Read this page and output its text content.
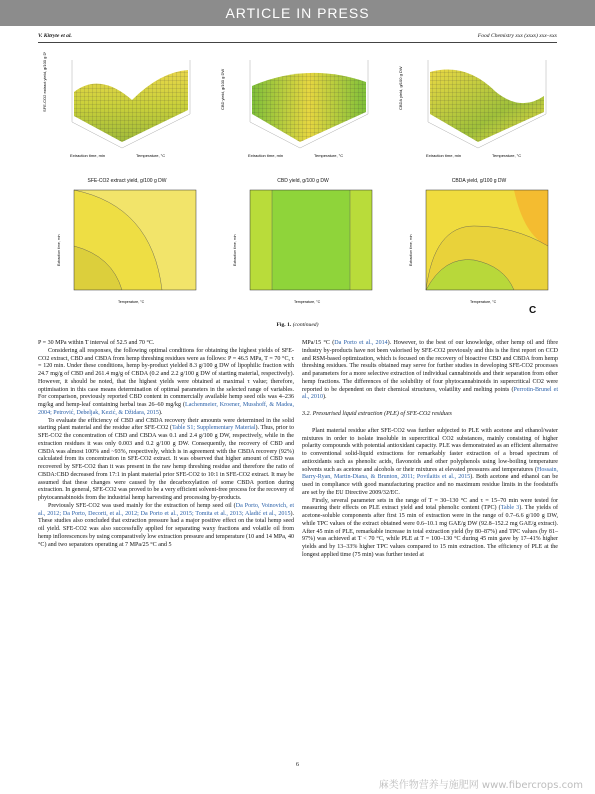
ARTICLE IN PRESS
V. Kitryte et al.	Food Chemistry xxx (xxxx) xxx–xxx
SFE-CO2 extract yield, g/100 g DW
Extraction time, min	Temperature, °C
CBD yield, g/100 g DW
Extraction time, min	Temperature, °C
CBDA yield, g/100 g DW
Extraction time, min	Temperature, °C
SFE-CO2 extract yield, g/100 g DW
Extraction time, min
Temperature, °C
CBD yield, g/100 g DW
Extraction time, min
Temperature, °C
CBDA yield, g/100 g DW
Extraction time, min
Temperature, °C
C
Fig. 1. (continued)

P = 30 MPa within T interval of 52.5 and 70 °C.

Considering all responses, the following optimal conditions for obtaining the highest yields of SFE-CO2 extract, CBD and CBDA from hemp threshing residues were as follows: P = 46.5 MPa, T = 70 °C, τ = 120 min. Under these conditions, hemp by-product yielded 8.3 g/100 g DW of lipophilic fraction with 24.7 mg/g of CBD and 261.4 mg/g of CBDA (0.2 and 2.2 g/100 g DW of starting material, respectively). However, it should be noted, that the highest yields were obtained at maximal τ value; therefore, optimisation in this case means determination of optimal parameters in the selected range of variables. For comparison, previously reported CBD content in commercially available hemp seed oils was 4–236 mg/kg and hemp-leaf containing herbal teas 26–60 mg/kg (Lachenmeier, Kroener, Musshoff, & Madea, 2004; Petrović, Debeljak, Kezić, & Džidara, 2015).

To evaluate the efficiency of CBD and CBDA recovery their amounts were determined in the solid starting plant material and the residue after SFE-CO2 (Table S1; Supplementary Material). Thus, prior to SFE-CO2 the concentration of CBD and CBDA was 0.1 and 2.4 g/100 g DW, respectively, while in the extraction residues it was only 0.003 and 0.2 g/100 g DW. Consequently, the recovery of CBD and CBDA was almost 100% and ~93%, respectively, which is in agreement with the CBDA recovery (92%) calculated from its concentration in SFE-CO2 extract. It was observed that higher amount of CBD was recovered by SFE-CO2 than it was present in the raw hemp threshing residue and therefore the ratio of CBDA:CBD decreased from 17:1 in plant material prior SFE-CO2 to 10:1 in SFE-CO2 extract. It may be assumed that these changes were caused by the decarboxylation of some CBDA portion during extraction. In general, SFE-CO2 was proved to be a very efficient solvent-free process for the recovery of phytocannabinoids from the industrial hemp harvesting and processing by-products.

Previously SFE-CO2 was used mainly for the extraction of hemp seed oil (Da Porto, Voinovich, et al., 2012; Da Porto, Decorti, et al., 2012; Da Porto et al., 2015; Tomita et al., 2013; Aladić et al., 2015). These studies also concluded that extraction pressure had a major positive effect on the total hemp seed oil yield. SFE-CO2 was also successfully applied for separating waxy fractions and volatile oil from hemp inflorescences by using comparatively low extraction pressure and temperature (10 and 14 MPa, 40 °C) and two separators operating at 7 MPa/25 °C and 5

MPa/15 °C (Da Porto et al., 2014). However, to the best of our knowledge, other hemp oil and fibre industry by-products have not been valorised by SFE-CO2 previously and this is the first report on CCD and RSM-based optimization, which is focused on the recovery of bioactive CBD and CBDA from hemp threshing residues. The results obtained may serve for further studies in developing SFE-CO2 processes and parameters for a more selective extraction of individual cannabinoids and their separation from other hemp fractions. The differences of the solubility of four phytocannabinoids in supercritical CO2 were reported to be dependent on their chemical structures, volatility and melting points (Perrotin-Brunel et al., 2010).

3.2. Pressurised liquid extraction (PLE) of SFE-CO2 residues

Plant material residue after SFE-CO2 was further subjected to PLE with acetone and ethanol/water mixtures in order to isolate insoluble in supercritical CO2 substances, mainly consisting of higher polarity compounds with potential antioxidant capacity. PLE was demonstrated as an efficient alternative to conventional solid-liquid extractions for remarkably faster extraction of a broad spectrum of antioxidants such as phenolic acids, flavonoids and other polyphenols using low-boiling temperature solvents such as acetone and alcohols or their mixtures at elevated pressures and temperatures (Hossain, Barry-Ryan, Martin-Diana, & Brunton, 2011; Povilaitis et al., 2015). Both acetone and ethanol can be used in compliance with good manufacturing practice and no maximum residue limits in the foodstuffs are set by the EU Directive 2009/32/EC.

Firstly, several parameter sets in the range of T = 30–130 °C and τ = 15–70 min were tested for measuring their effects on PLE extract yield and total phenolic content (TPC) (Table 3). The yields of acetone-soluble components after first 15 min of extraction were in the range of 0.7–6.6 g/100 g DW, while TPC values of the extract obtained were 0.6–10.1 mg GAE/g DW (92.8–152.2 mg GAE/g extract). After 45 min of PLE, remarkable increase in total extraction yield (by 80–87%) and TPC values (by 81–97%) was achieved at T < 70 °C, while PLE at T = 100–130 °C during 45 min gave by 17–41% higher yields and by 13–33% higher TPC values compared to 15 min extraction. The efficiency of PLE at the longest applied time (75 min) was further tested at

6
麻类作物营养与施肥网 www.fibercrops.com
